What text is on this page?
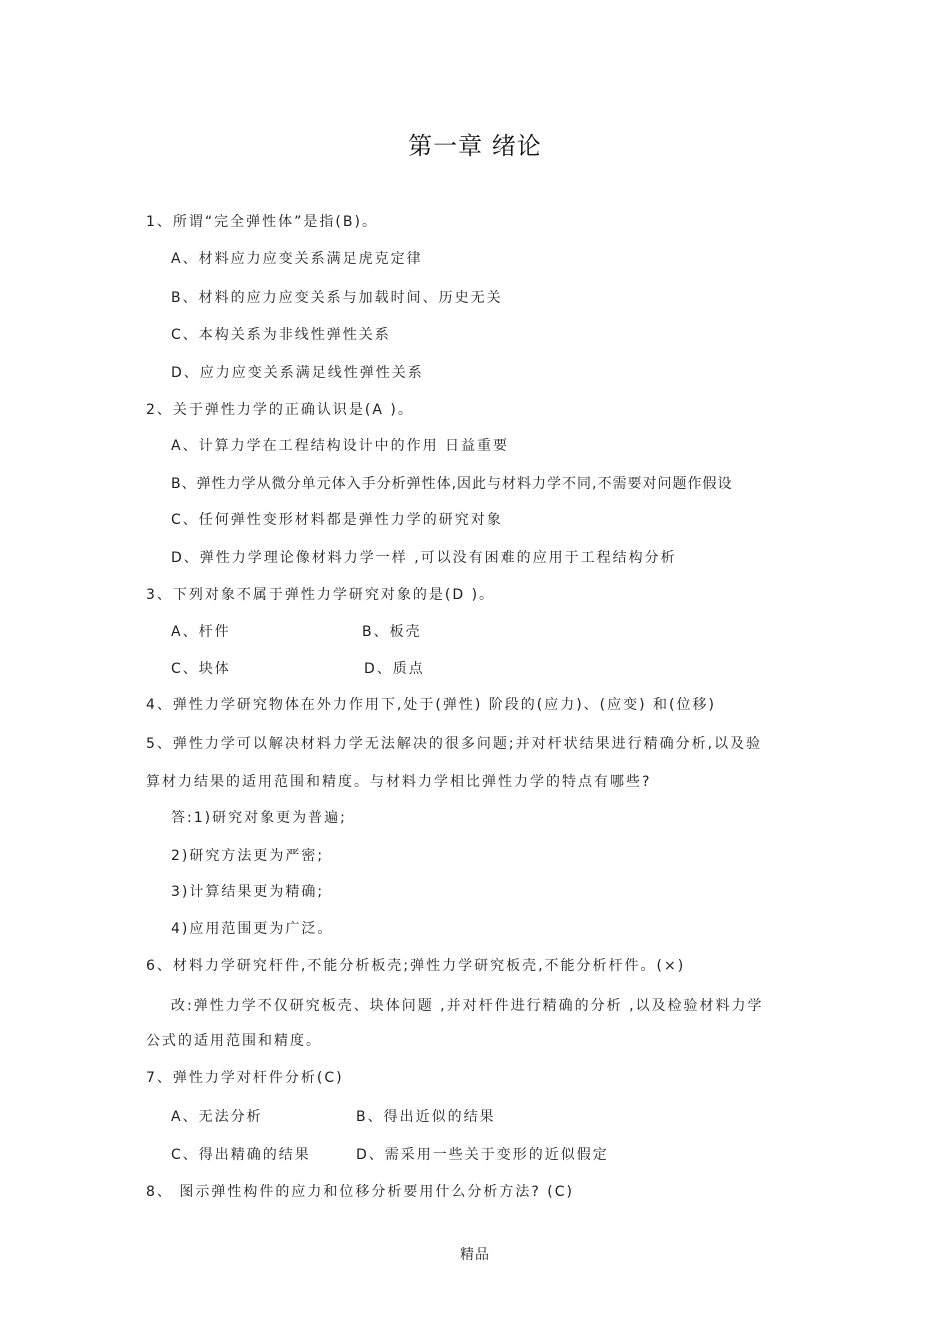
第一章 绪论
1、所谓“完全弹性体”是指(B)。
A、材料应力应变关系满足虎克定律
B、材料的应力应变关系与加载时间、历史无关
C、本构关系为非线性弹性关系
D、应力应变关系满足线性弹性关系
2、关于弹性力学的正确认识是(A )。
A、计算力学在工程结构设计中的作用 日益重要
B、弹性力学从微分单元体入手分析弹性体,因此与材料力学不同,不需要对问题作假设
C、任何弹性变形材料都是弹性力学的研究对象
D、弹性力学理论像材料力学一样 ,可以没有困难的应用于工程结构分析
3、下列对象不属于弹性力学研究对象的是(D )。
A、杆件	B、板壳
C、块体	D、质点
4、弹性力学研究物体在外力作用下,处于(弹性) 阶段的(应力)、(应变) 和(位移)
5、弹性力学可以解决材料力学无法解决的很多问题;并对杆状结果进行精确分析,以及验
算材力结果的适用范围和精度。与材料力学相比弹性力学的特点有哪些?
答:1)研究对象更为普遍;
2)研究方法更为严密;
3)计算结果更为精确;
4)应用范围更为广泛。
6、材料力学研究杆件,不能分析板壳;弹性力学研究板壳,不能分析杆件。(×)
改:弹性力学不仅研究板壳、块体问题 ,并对杆件进行精确的分析 ,以及检验材料力学
公式的适用范围和精度。
7、弹性力学对杆件分析(C)
A、无法分析	B、得出近似的结果
C、得出精确的结果	D、需采用一些关于变形的近似假定
8、 图示弹性构件的应力和位移分析要用什么分析方法? (C)
精品
